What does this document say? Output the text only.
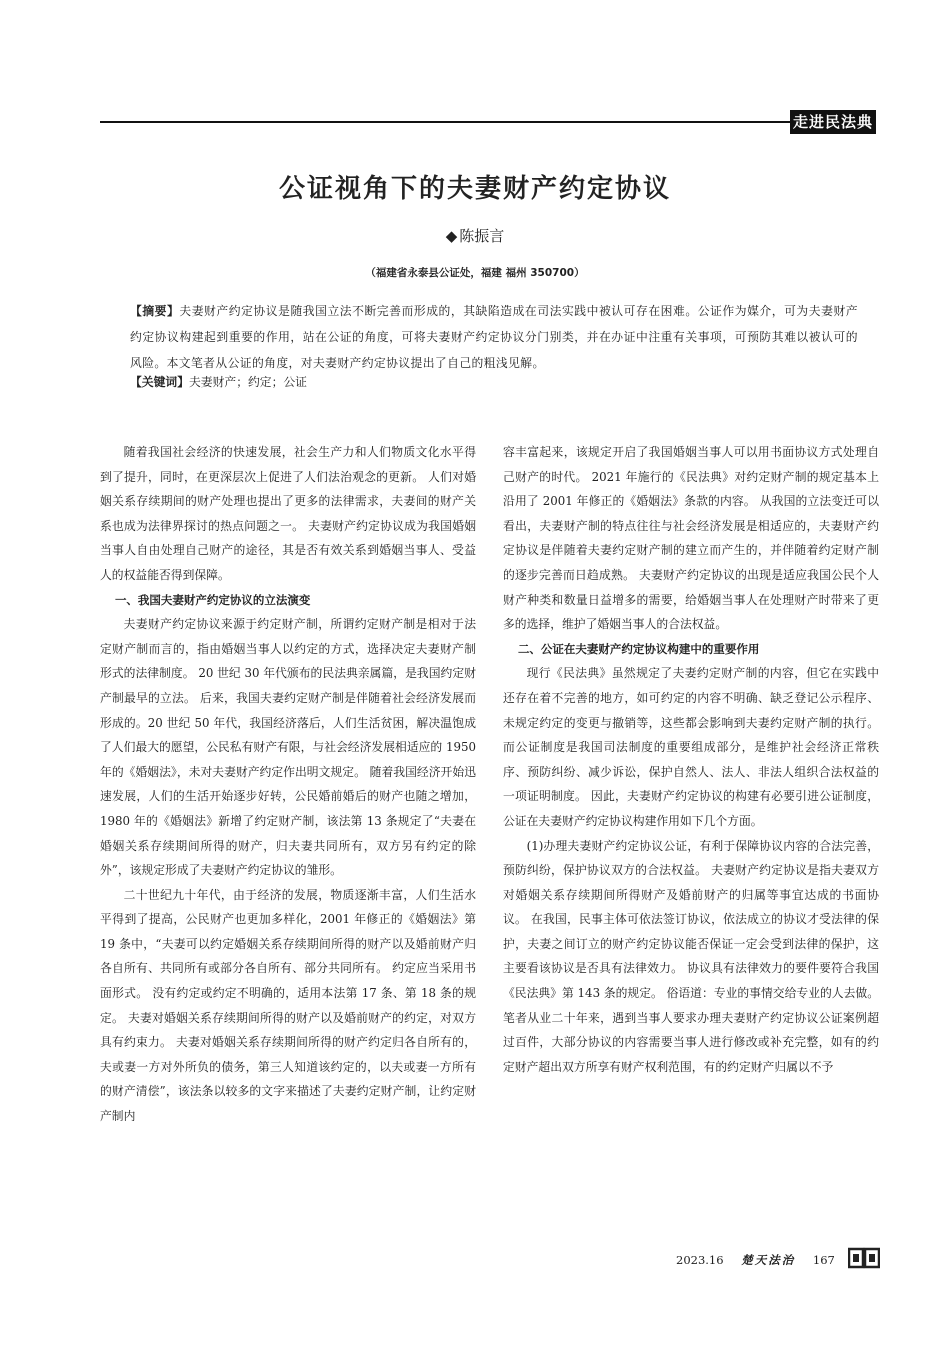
走进民法典
公证视角下的夫妻财产约定协议
◆ 陈振言
（福建省永泰县公证处，福建 福州 350700）
【摘要】夫妻财产约定协议是随我国立法不断完善而形成的，其缺陷造成在司法实践中被认可存在困难。公证作为媒介，可为夫妻财产约定协议构建起到重要的作用，站在公证的角度，可将夫妻财产约定协议分门别类，并在办证中注重有关事项，可预防其难以被认可的风险。本文笔者从公证的角度，对夫妻财产约定协议提出了自己的粗浅见解。
【关键词】夫妻财产；约定；公证

随着我国社会经济的快速发展，社会生产力和人们物质文化水平得到了提升，同时，在更深层次上促进了人们法治观念的更新。 人们对婚姻关系存续期间的财产处理也提出了更多的法律需求，夫妻间的财产关系也成为法律界探讨的热点问题之一。 夫妻财产约定协议成为我国婚姻当事人自由处理自己财产的途径，其是否有效关系到婚姻当事人、受益人的权益能否得到保障。

一、我国夫妻财产约定协议的立法演变

夫妻财产约定协议来源于约定财产制，所谓约定财产制是相对于法定财产制而言的，指由婚姻当事人以约定的方式，选择决定夫妻财产制形式的法律制度。 20 世纪 30 年代颁布的民法典亲属篇，是我国约定财产制最早的立法。 后来，我国夫妻约定财产制是伴随着社会经济发展而形成的。20 世纪 50 年代，我国经济落后，人们生活贫困，解决温饱成了人们最大的愿望，公民私有财产有限，与社会经济发展相适应的 1950 年的《婚姻法》，未对夫妻财产约定作出明文规定。 随着我国经济开始迅速发展，人们的生活开始逐步好转，公民婚前婚后的财产也随之增加，1980 年的《婚姻法》新增了约定财产制，该法第 13 条规定了“夫妻在婚姻关系存续期间所得的财产，归夫妻共同所有，双方另有约定的除外”，该规定形成了夫妻财产约定协议的雏形。

二十世纪九十年代，由于经济的发展，物质逐渐丰富，人们生活水平得到了提高，公民财产也更加多样化，2001 年修正的《婚姻法》第 19 条中，“夫妻可以约定婚姻关系存续期间所得的财产以及婚前财产归各自所有、共同所有或部分各自所有、部分共同所有。 约定应当采用书面形式。 没有约定或约定不明确的，适用本法第 17 条、第 18 条的规定。 夫妻对婚姻关系存续期间所得的财产以及婚前财产的约定，对双方具有约束力。 夫妻对婚姻关系存续期间所得的财产约定归各自所有的，夫或妻一方对外所负的债务，第三人知道该约定的，以夫或妻一方所有的财产清偿”，该法条以较多的文字来描述了夫妻约定财产制，让约定财产制内

容丰富起来，该规定开启了我国婚姻当事人可以用书面协议方式处理自己财产的时代。 2021 年施行的《民法典》对约定财产制的规定基本上沿用了 2001 年修正的《婚姻法》条款的内容。 从我国的立法变迁可以看出，夫妻财产制的特点往往与社会经济发展是相适应的，夫妻财产约定协议是伴随着夫妻约定财产制的建立而产生的，并伴随着约定财产制的逐步完善而日趋成熟。 夫妻财产约定协议的出现是适应我国公民个人财产种类和数量日益增多的需要，给婚姻当事人在处理财产时带来了更多的选择，维护了婚姻当事人的合法权益。

二、公证在夫妻财产约定协议构建中的重要作用

现行《民法典》虽然规定了夫妻约定财产制的内容，但它在实践中还存在着不完善的地方，如可约定的内容不明确、缺乏登记公示程序、未规定约定的变更与撤销等，这些都会影响到夫妻约定财产制的执行。 而公证制度是我国司法制度的重要组成部分，是维护社会经济正常秩序、预防纠纷、减少诉讼，保护自然人、法人、非法人组织合法权益的一项证明制度。 因此，夫妻财产约定协议的构建有必要引进公证制度，公证在夫妻财产约定协议构建作用如下几个方面。

(1)办理夫妻财产约定协议公证，有利于保障协议内容的合法完善，预防纠纷，保护协议双方的合法权益。 夫妻财产约定协议是指夫妻双方对婚姻关系存续期间所得财产及婚前财产的归属等事宜达成的书面协议。 在我国，民事主体可依法签订协议，依法成立的协议才受法律的保护，夫妻之间订立的财产约定协议能否保证一定会受到法律的保护，这主要看该协议是否具有法律效力。 协议具有法律效力的要件要符合我国《民法典》第 143 条的规定。 俗语道：专业的事情交给专业的人去做。 笔者从业二十年来，遇到当事人要求办理夫妻财产约定协议公证案例超过百件，大部分协议的内容需要当事人进行修改或补充完整，如有的约定财产超出双方所享有财产权利范围，有的约定财产归属以不予

2023.16 楚天法治 167
